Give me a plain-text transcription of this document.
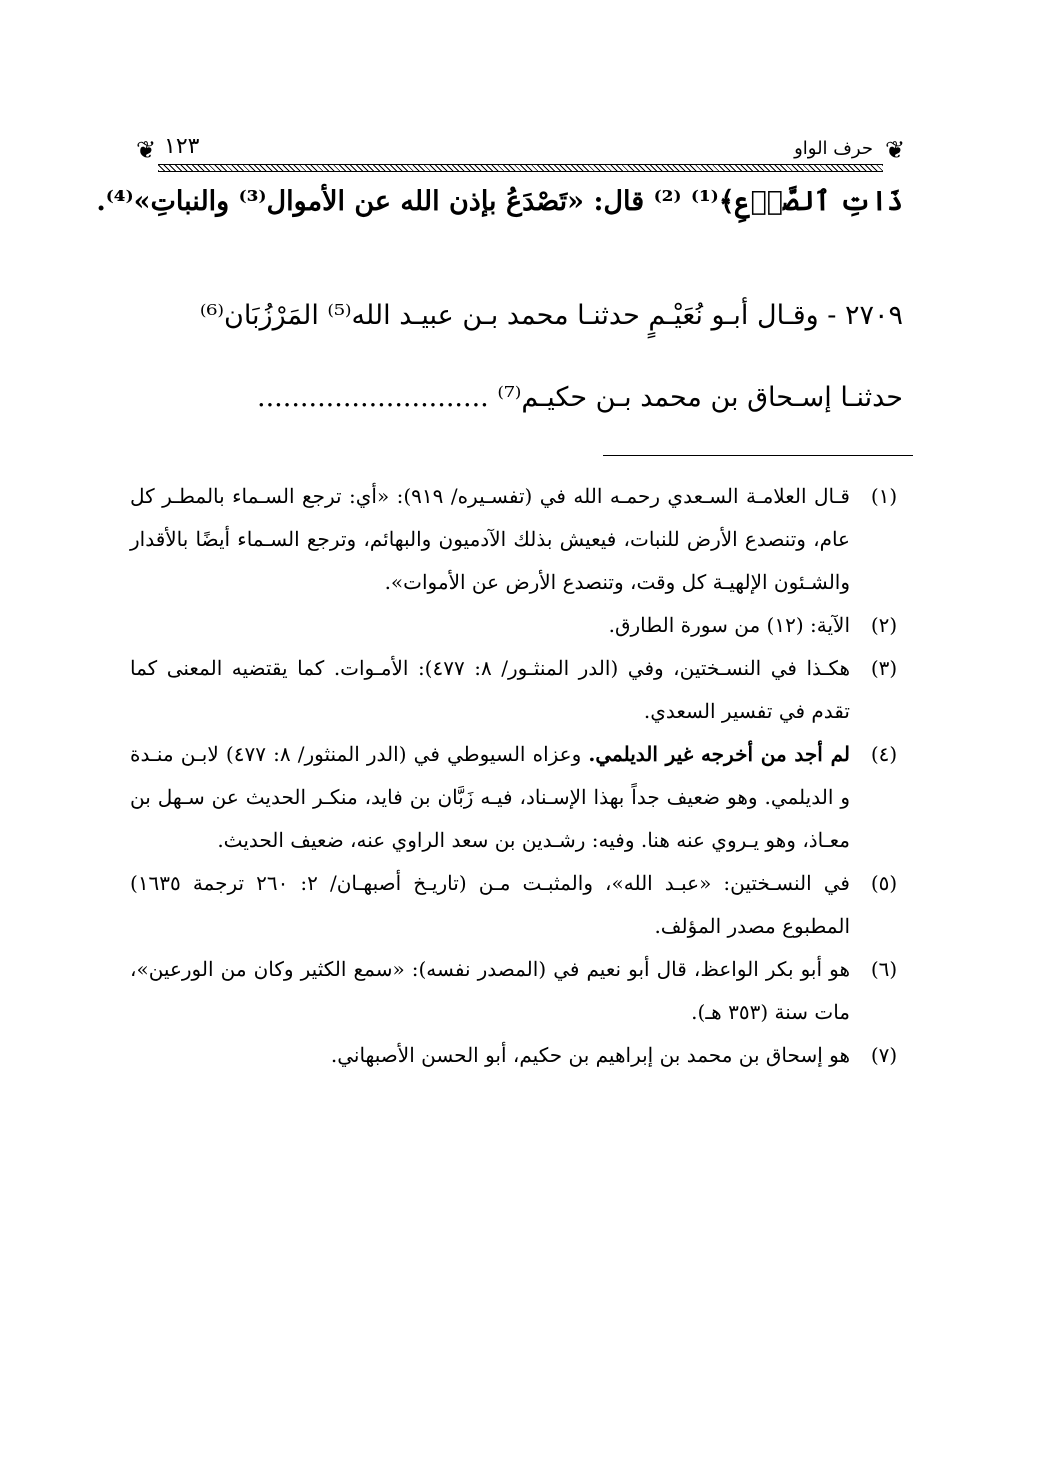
❦ ١٢٣	حرف الواو ❦
ذَاتِ ٱلصَّدۡعِ﴾⁽¹⁾ ⁽²⁾ قال: «تَصْدَعُ بإذن الله عن الأموال⁽³⁾ والنباتِ»⁽⁴⁾.
٢٧٠٩ - وقـال أبـو نُعَيْـمٍ حدثنـا محمد بـن عبيـد الله⁽⁵⁾ المَرْزُبَان⁽⁶⁾
حدثنـا إسـحاق بن محمد بـن حكيـم⁽⁷⁾ ...........................
(١)
قـال العلامـة السـعدي رحمـه الله في (تفسـيره/ ٩١٩): «أي: ترجع السـماء بالمطـر كل عام، وتنصدع الأرض للنبات، فيعيش بذلك الآدميون والبهائم، وترجع السـماء أيضًا بالأقدار والشـئون الإلهيـة كل وقت، وتنصدع الأرض عن الأموات».
(٢)
الآية: (١٢) من سورة الطارق.
(٣)
هكـذا في النسـختين، وفي (الدر المنثـور/ ٨: ٤٧٧): الأمـوات. كما يقتضيه المعنى كما تقدم في تفسير السعدي.
(٤)
لم أجد من أخرجه غير الديلمي. وعزاه السيوطي في (الدر المنثور/ ٨: ٤٧٧) لابـن منـدة و الديلمي. وهو ضعيف جداً بهذا الإسـناد، فيـه زَبَّان بن فايد، منكـر الحديث عن سـهل بن معـاذ، وهو يـروي عنه هنا. وفيه: رشـدين بن سعد الراوي عنه، ضعيف الحديث.
(٥)
في النسـختين: «عبـد الله»، والمثبـت مـن (تاريـخ أصبهـان/ ٢: ٢٦٠ ترجمة ١٦٣٥) المطبوع مصدر المؤلف.
(٦)
هو أبو بكر الواعظ، قال أبو نعيم في (المصدر نفسه): «سمع الكثير وكان من الورعين»، مات سنة (٣٥٣ هـ).
(٧)
هو إسحاق بن محمد بن إبراهيم بن حكيم، أبو الحسن الأصبهاني.
